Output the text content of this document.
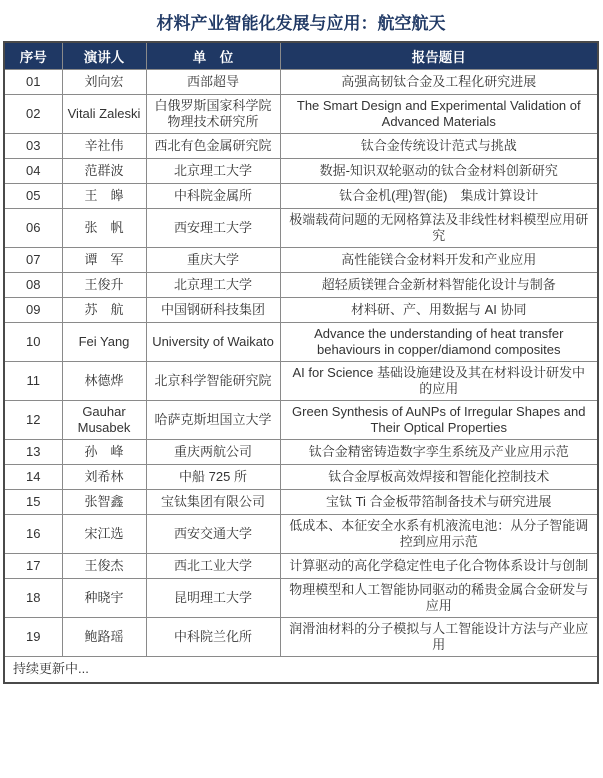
材料产业智能化发展与应用：航空航天
序号	演讲人	单　位	报告题目
01	刘向宏	西部超导	高强高韧钛合金及工程化研究进展
02	Vitali Zaleski	白俄罗斯国家科学院物理技术研究所	The Smart Design and Experimental Validation of Advanced Materials
03	辛社伟	西北有色金属研究院	钛合金传统设计范式与挑战
04	范群波	北京理工大学	数据-知识双轮驱动的钛合金材料创新研究
05	王　皞	中科院金属所	钛合金机(理)智(能)　集成计算设计
06	张　帆	西安理工大学	极端载荷问题的无网格算法及非线性材料模型应用研究
07	谭　军	重庆大学	高性能镁合金材料开发和产业应用
08	王俊升	北京理工大学	超轻质镁锂合金新材料智能化设计与制备
09	苏　航	中国钢研科技集团	材料研、产、用数据与 AI 协同
10	Fei Yang	University of Waikato	Advance the understanding of heat transfer behaviours in copper/diamond composites
11	林德烨	北京科学智能研究院	AI for Science 基础设施建设及其在材料设计研发中的应用
12	Gauhar Musabek	哈萨克斯坦国立大学	Green Synthesis of AuNPs of Irregular Shapes and Their Optical Properties
13	孙　峰	重庆两航公司	钛合金精密铸造数字孪生系统及产业应用示范
14	刘希林	中船 725 所	钛合金厚板高效焊接和智能化控制技术
15	张智鑫	宝钛集团有限公司	宝钛 Ti 合金板带箔制备技术与研究进展
16	宋江选	西安交通大学	低成本、本征安全水系有机液流电池：从分子智能调控到应用示范
17	王俊杰	西北工业大学	计算驱动的高化学稳定性电子化合物体系设计与创制
18	种晓宇	昆明理工大学	物理模型和人工智能协同驱动的稀贵金属合金研发与应用
19	鲍路瑶	中科院兰化所	润滑油材料的分子模拟与人工智能设计方法与产业应用
持续更新中...			
